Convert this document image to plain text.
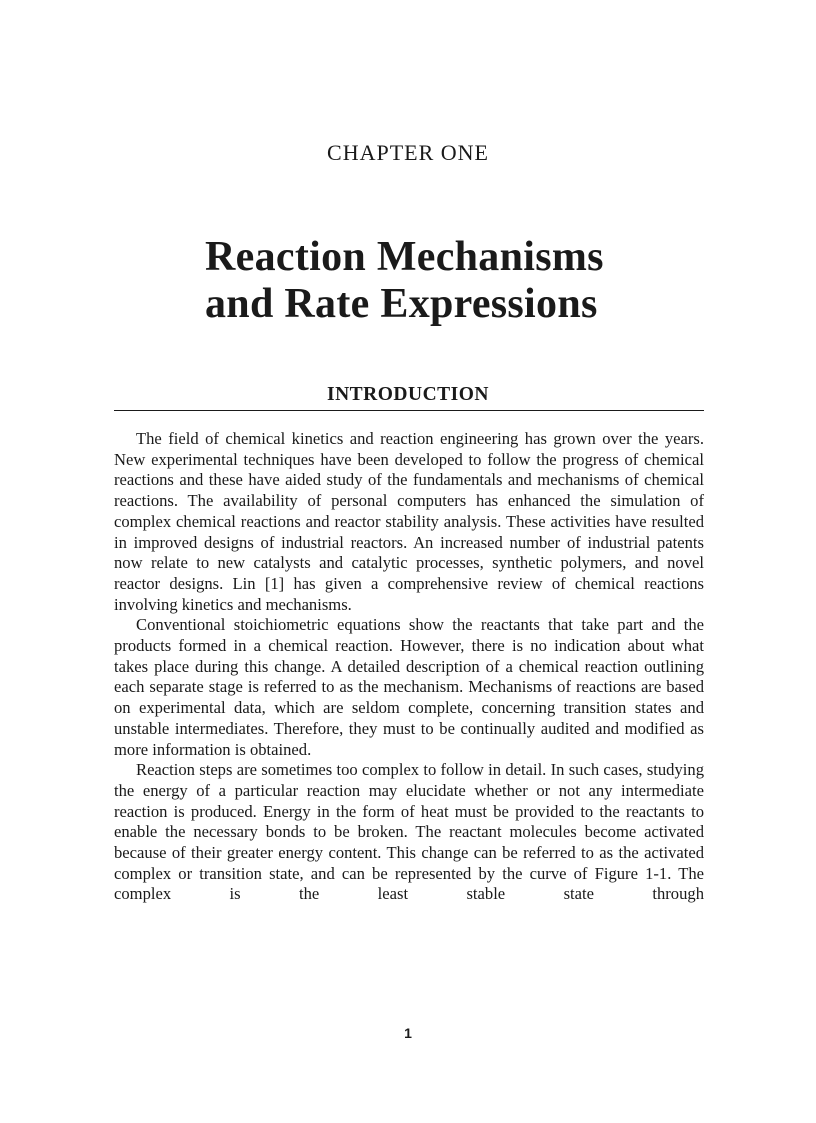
CHAPTER ONE
Reaction Mechanisms
and Rate Expressions
INTRODUCTION

The field of chemical kinetics and reaction engineering has grown over the years. New experimental techniques have been developed to follow the progress of chemical reactions and these have aided study of the fundamentals and mechanisms of chemical reactions. The availability of personal computers has enhanced the simulation of complex chemical reactions and reactor stability analysis. These activities have resulted in improved designs of industrial reactors. An increased number of industrial patents now relate to new catalysts and catalytic processes, synthetic polymers, and novel reactor designs. Lin [1] has given a comprehensive review of chemical reactions involving kinetics and mechanisms.

Conventional stoichiometric equations show the reactants that take part and the products formed in a chemical reaction. However, there is no indication about what takes place during this change. A detailed description of a chemical reaction outlining each separate stage is referred to as the mechanism. Mechanisms of reactions are based on experimental data, which are seldom complete, concerning transition states and unstable intermediates. Therefore, they must to be continually audited and modified as more information is obtained.

Reaction steps are sometimes too complex to follow in detail. In such cases, studying the energy of a particular reaction may elucidate whether or not any intermediate reaction is produced. Energy in the form of heat must be provided to the reactants to enable the necessary bonds to be broken. The reactant molecules become activated because of their greater energy content. This change can be referred to as the activated complex or transition state, and can be represented by the curve of Figure 1-1. The complex is the least stable state through

1
